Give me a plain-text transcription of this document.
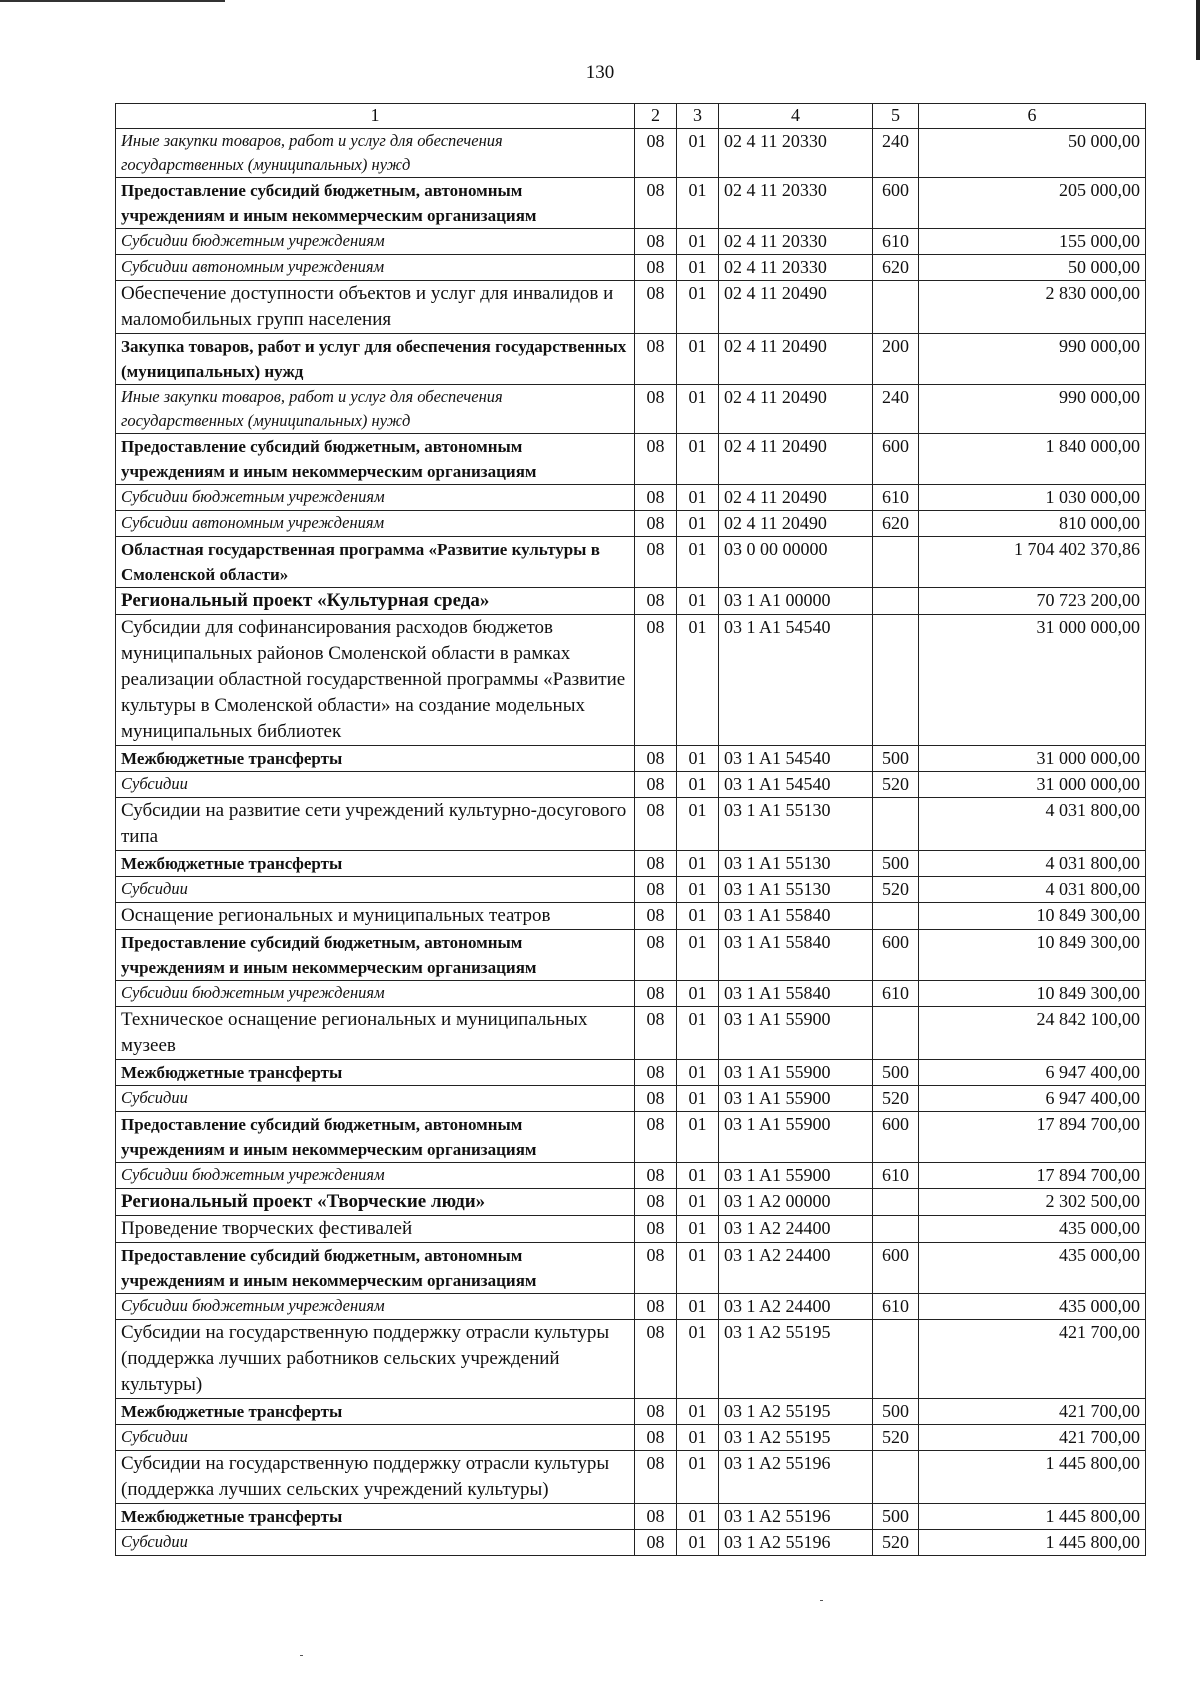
130
1	2	3	4	5	6
Иные закупки товаров, работ и услуг для обеспечения государственных (муниципальных) нужд	08	01	02 4 11 20330	240	50 000,00
Предоставление субсидий бюджетным, автономным учреждениям и иным некоммерческим организациям	08	01	02 4 11 20330	600	205 000,00
Субсидии бюджетным учреждениям	08	01	02 4 11 20330	610	155 000,00
Субсидии автономным учреждениям	08	01	02 4 11 20330	620	50 000,00
Обеспечение доступности объектов и услуг для инвалидов и маломобильных групп населения	08	01	02 4 11 20490		2 830 000,00
Закупка товаров, работ и услуг для обеспечения государственных (муниципальных) нужд	08	01	02 4 11 20490	200	990 000,00
Иные закупки товаров, работ и услуг для обеспечения государственных (муниципальных) нужд	08	01	02 4 11 20490	240	990 000,00
Предоставление субсидий бюджетным, автономным учреждениям и иным некоммерческим организациям	08	01	02 4 11 20490	600	1 840 000,00
Субсидии бюджетным учреждениям	08	01	02 4 11 20490	610	1 030 000,00
Субсидии автономным учреждениям	08	01	02 4 11 20490	620	810 000,00
Областная государственная программа «Развитие культуры в Смоленской области»	08	01	03 0 00 00000		1 704 402 370,86
Региональный проект «Культурная среда»	08	01	03 1 A1 00000		70 723 200,00
Субсидии для софинансирования расходов бюджетов муниципальных районов Смоленской области в рамках реализации областной государственной программы «Развитие культуры в Смоленской области» на создание модельных муниципальных библиотек	08	01	03 1 A1 54540		31 000 000,00
Межбюджетные трансферты	08	01	03 1 A1 54540	500	31 000 000,00
Субсидии	08	01	03 1 A1 54540	520	31 000 000,00
Субсидии на развитие сети учреждений культурно-досугового типа	08	01	03 1 A1 55130		4 031 800,00
Межбюджетные трансферты	08	01	03 1 A1 55130	500	4 031 800,00
Субсидии	08	01	03 1 A1 55130	520	4 031 800,00
Оснащение региональных и муниципальных театров	08	01	03 1 A1 55840		10 849 300,00
Предоставление субсидий бюджетным, автономным учреждениям и иным некоммерческим организациям	08	01	03 1 A1 55840	600	10 849 300,00
Субсидии бюджетным учреждениям	08	01	03 1 A1 55840	610	10 849 300,00
Техническое оснащение региональных и муниципальных музеев	08	01	03 1 A1 55900		24 842 100,00
Межбюджетные трансферты	08	01	03 1 A1 55900	500	6 947 400,00
Субсидии	08	01	03 1 A1 55900	520	6 947 400,00
Предоставление субсидий бюджетным, автономным учреждениям и иным некоммерческим организациям	08	01	03 1 A1 55900	600	17 894 700,00
Субсидии бюджетным учреждениям	08	01	03 1 A1 55900	610	17 894 700,00
Региональный проект «Творческие люди»	08	01	03 1 A2 00000		2 302 500,00
Проведение творческих фестивалей	08	01	03 1 A2 24400		435 000,00
Предоставление субсидий бюджетным, автономным учреждениям и иным некоммерческим организациям	08	01	03 1 A2 24400	600	435 000,00
Субсидии бюджетным учреждениям	08	01	03 1 A2 24400	610	435 000,00
Субсидии на государственную поддержку отрасли культуры (поддержка лучших работников сельских учреждений культуры)	08	01	03 1 A2 55195		421 700,00
Межбюджетные трансферты	08	01	03 1 A2 55195	500	421 700,00
Субсидии	08	01	03 1 A2 55195	520	421 700,00
Субсидии на государственную поддержку отрасли культуры (поддержка лучших сельских учреждений культуры)	08	01	03 1 A2 55196		1 445 800,00
Межбюджетные трансферты	08	01	03 1 A2 55196	500	1 445 800,00
Субсидии	08	01	03 1 A2 55196	520	1 445 800,00
